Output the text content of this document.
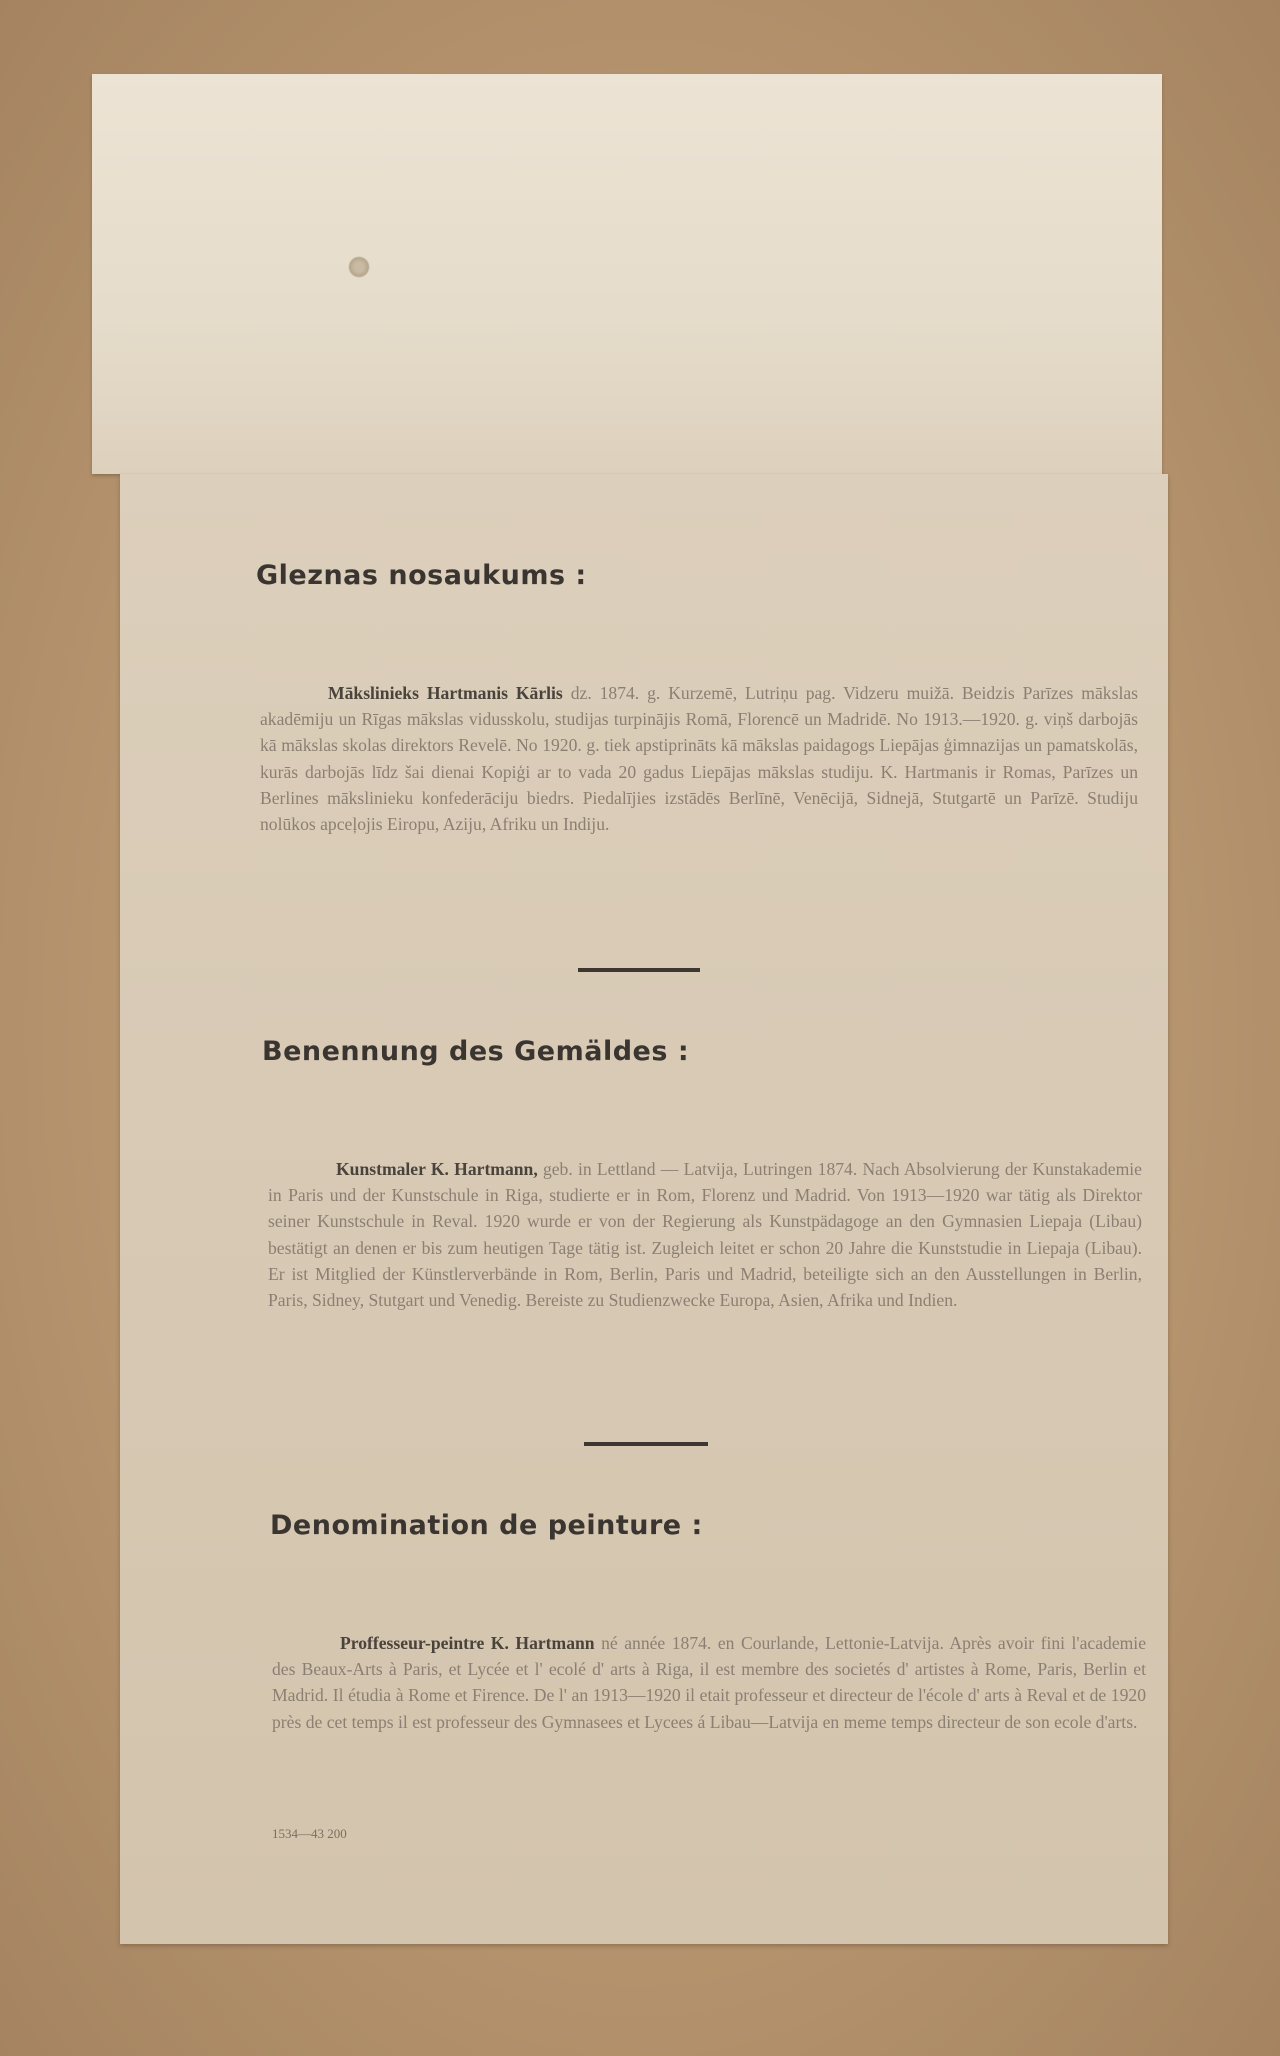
Gleznas nosaukums :
Mākslinieks Hartmanis Kārlis dz. 1874. g. Kurzemē, Lutriņu pag. Vidzeru muižā. Beidzis Parīzes mākslas akadēmiju un Rīgas mākslas vidusskolu, studijas turpinājis Romā, Florencē un Madridē. No 1913.—1920. g. viņš darbojās kā mākslas skolas direktors Revelē. No 1920. g. tiek apstiprināts kā mākslas paidagogs Liepājas ģimnazijas un pamatskolās, kurās darbojās līdz šai dienai Kopiģi ar to vada 20 gadus Liepājas mākslas studiju. K. Hartmanis ir Romas, Parīzes un Berlines mākslinieku konfederāciju biedrs. Piedalījies izstādēs Berlīnē, Venēcijā, Sidnejā, Stutgartē un Parīzē. Studiju nolūkos apceļojis Eiropu, Aziju, Afriku un Indiju.
Benennung des Gemäldes :
Kunstmaler K. Hartmann, geb. in Lettland — Latvija, Lutringen 1874. Nach Absolvierung der Kunstakademie in Paris und der Kunstschule in Riga, studierte er in Rom, Florenz und Madrid. Von 1913—1920 war tätig als Direktor seiner Kunstschule in Reval. 1920 wurde er von der Regierung als Kunstpädagoge an den Gymnasien Liepaja (Libau) bestätigt an denen er bis zum heutigen Tage tätig ist. Zugleich leitet er schon 20 Jahre die Kunststudie in Liepaja (Libau). Er ist Mitglied der Künstlerverbände in Rom, Berlin, Paris und Madrid, beteiligte sich an den Ausstellungen in Berlin, Paris, Sidney, Stutgart und Venedig. Bereiste zu Studienzwecke Europa, Asien, Afrika und Indien.
Denomination de peinture :
Proffesseur-peintre K. Hartmann né année 1874. en Courlande, Lettonie-Latvija. Après avoir fini l'academie des Beaux-Arts à Paris, et Lycée et l' ecolé d' arts à Riga, il est membre des societés d' artistes à Rome, Paris, Berlin et Madrid. Il étudia à Rome et Firence. De l' an 1913—1920 il etait professeur et directeur de l'école d' arts à Reval et de 1920 près de cet temps il est professeur des Gymnasees et Lycees á Libau—Latvija en meme temps directeur de son ecole d'arts.
1534—43 200
